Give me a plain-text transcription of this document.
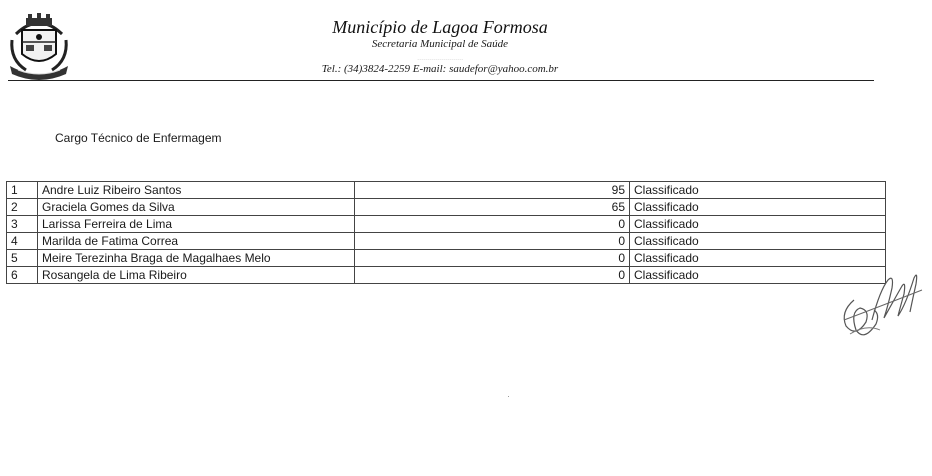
Município de Lagoa Formosa
Secretaria Municipal de Saúde
​· · · · · · · · · · · · · · · · · · · · · · ·
Tel.: (34)3824-2259 E-mail: saudefor@yahoo.com.br
Cargo Técnico de Enfermagem
1	Andre Luiz Ribeiro Santos	95	Classificado
2	Graciela Gomes da Silva	65	Classificado
3	Larissa Ferreira de Lima	0	Classificado
4	Marilda de Fatima Correa	0	Classificado
5	Meire Terezinha Braga de Magalhaes Melo	0	Classificado
6	Rosangela de Lima Ribeiro	0	Classificado
